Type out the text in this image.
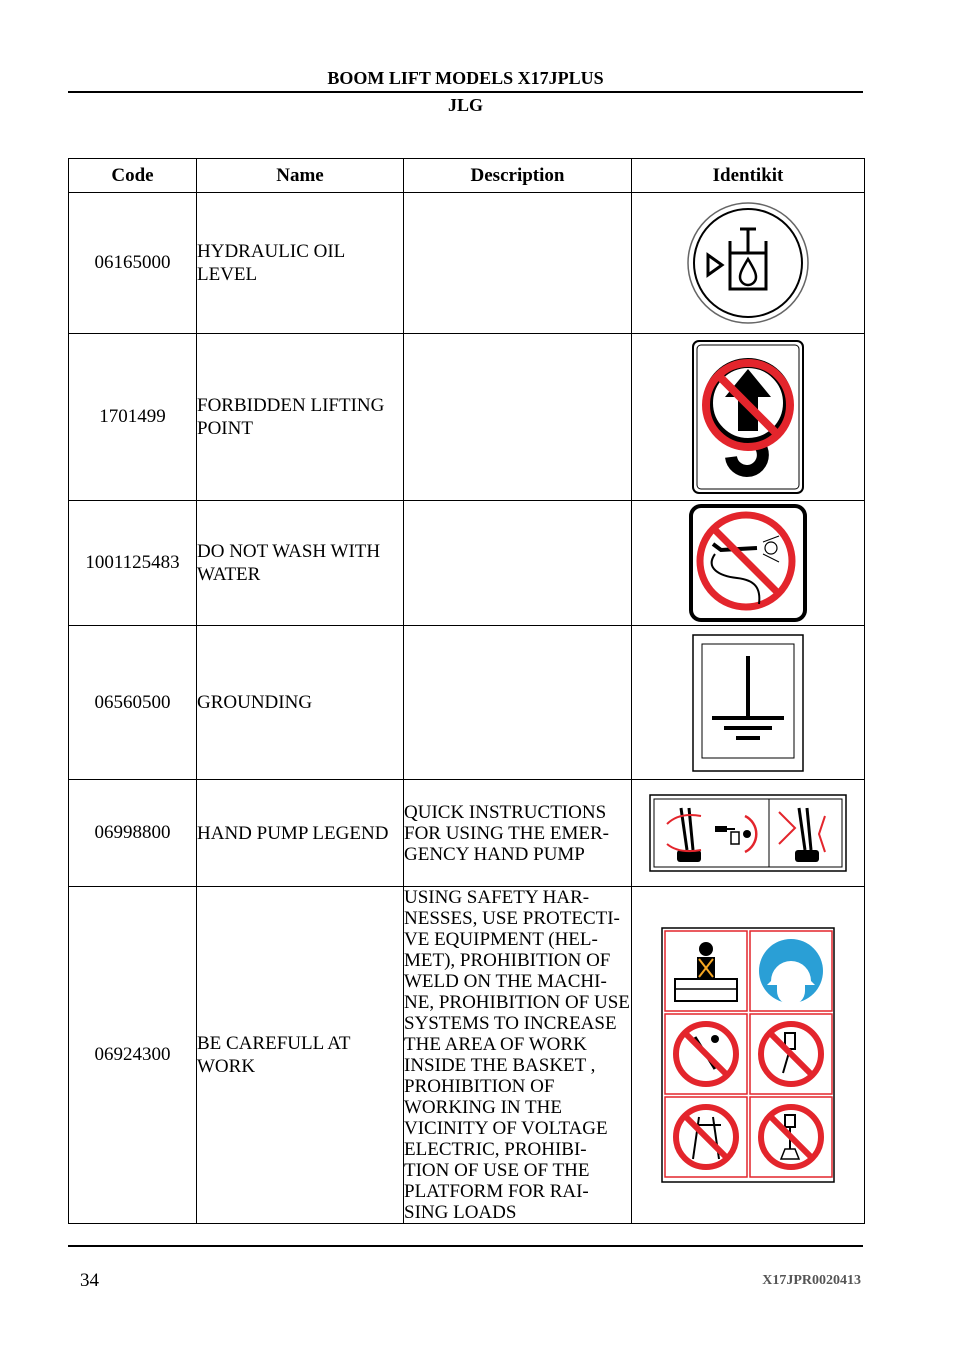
BOOM LIFT MODELS X17JPLUS
JLG
Code	Name	Description	Identikit
06165000	HYDRAULIC OIL LEVEL		
1701499	FORBIDDEN LIFTING POINT		
1001125483	DO NOT WASH WITH WATER		
06560500	GROUNDING		
06998800	HAND PUMP LEGEND	QUICK INSTRUCTIONS FOR USING THE EMER-GENCY HAND PUMP	
06924300	BE CAREFULL AT WORK	USING SAFETY HAR-NESSES, USE PROTECTI-VE EQUIPMENT (HEL-MET), PROHIBITION OF WELD ON THE MACHI-NE, PROHIBITION OF USE SYSTEMS TO INCREASE THE AREA OF WORK INSIDE THE BASKET , PROHIBITION OF WORKING IN THE VICINITY OF VOLTAGE ELECTRIC, PROHIBI-TION OF USE OF THE PLATFORM FOR RAI-SING LOADS	
34	X17JPR0020413
